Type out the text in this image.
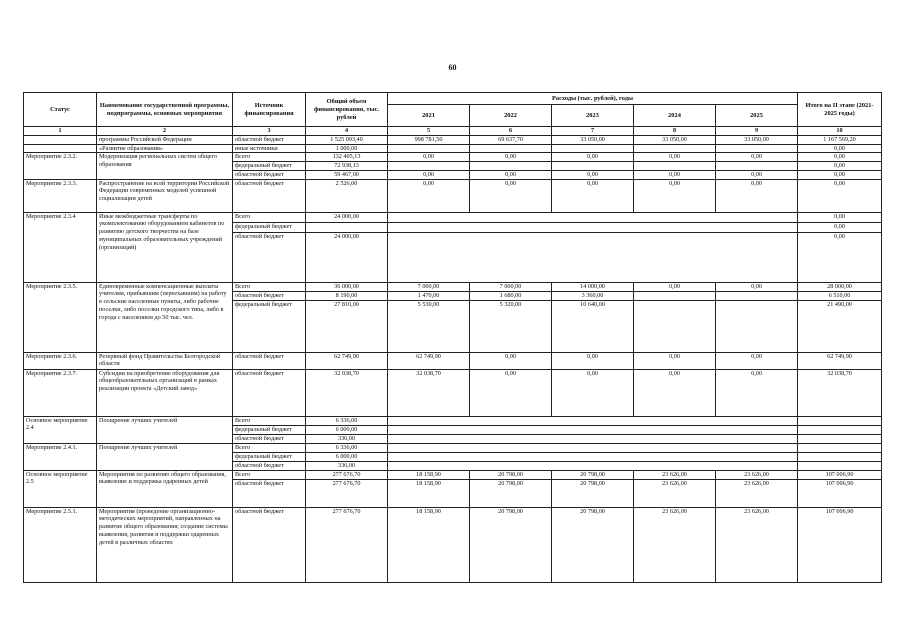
60
Статус	Наименование государственной программы, подпрограммы, основных мероприятия	Источник финансирования	Общий объем финансирования, тыс. рублей	Расходы (тыс. рублей), годы					Итого на II этапе (2021-2025 годы)
				2021	2022	2023	2024	2025	
1	2	3	4	5	6	7	8	9	10
	программы Российской Федерации	областной бюджет	1 525 093,40	998 781,50	69 637,70	33 050,00	33 050,00	33 050,00	1 167 569,20
	«Развитие образования»	иные источники	1 000,00						0,00
Мероприятие 2.3.2.	Модернизация региональных систем общего образования	Всего	132 405,13	0,00	0,00	0,00	0,00	0,00	0,00
		федеральный бюджет	72 938,13						0,00
		областной бюджет	59 467,00	0,00	0,00	0,00	0,00	0,00	0,00
Мероприятие 2.3.3.	Распространение на всей территории Российской Федерации современных моделей успешной социализации детей	областной бюджет	2 526,00	0,00	0,00	0,00	0,00	0,00	0,00
Мероприятие 2.3.4	Иные межбюджетные трансферты по укомплектованию оборудованием кабинетов по развитию детского творчества на базе муниципальных образовательных учреждений (организаций)	Всего	24 000,00						0,00
		федеральный бюджет							0,00
		областной бюджет	24 000,00						0,00
Мероприятие 2.3.5.	Единовременные компенсационные выплаты учителям, прибывшим (переехавшим) на работу в сельские населенные пункты, либо рабочие поселки, либо поселки городского типа, либо в города с населением до 50 тыс. чел.	Всего	36 000,00	7 000,00	7 000,00	14 000,00	0,00	0,00	28 000,00
		областной бюджет	8 190,00	1 470,00	1 680,00	3 360,00			6 510,00
		федеральный бюджет	27 810,00	5 530,00	5 320,00	10 640,00			21 490,00
Мероприятие 2.3.6.	Резервный фонд Правительства Белгородской области	областной бюджет	62 749,90	62 749,90	0,00	0,00	0,00	0,00	62 749,90
Мероприятие 2.3.7.	Субсидии на приобретение оборудования для общеобразовательных организаций в рамках реализации проекта «Детский завод»	областной бюджет	32 038,70	32 038,70	0,00	0,00	0,00	0,00	32 038,70
Основное мероприятие 2.4	Поощрение лучших учителей	Всего	6 336,00						
		федеральный бюджет	6 000,00						
		областной бюджет	336,00						
Мероприятие 2.4.1.	Поощрение лучших учителей	Всего	6 336,00						
		федеральный бюджет	6 000,00						
		областной бюджет	336,00						
Основное мероприятие 2.5	Мероприятия по развитию общего образования, выявление и поддержка одаренных детей	Всего	277 676,70	18 158,90	20 798,00	20 798,00	23 626,00	23 626,00	107 006,90
		областной бюджет	277 676,70	18 158,90	20 798,00	20 798,00	23 626,00	23 626,00	107 006,90
Мероприятие 2.5.1.	Мероприятия (проведение организационно-методических мероприятий, направленных на развитие общего образования; создание системы выявления, развития и поддержки одаренных детей в различных областях	областной бюджет	277 676,70	18 158,90	20 798,00	20 798,00	23 626,00	23 626,00	107 006,90
